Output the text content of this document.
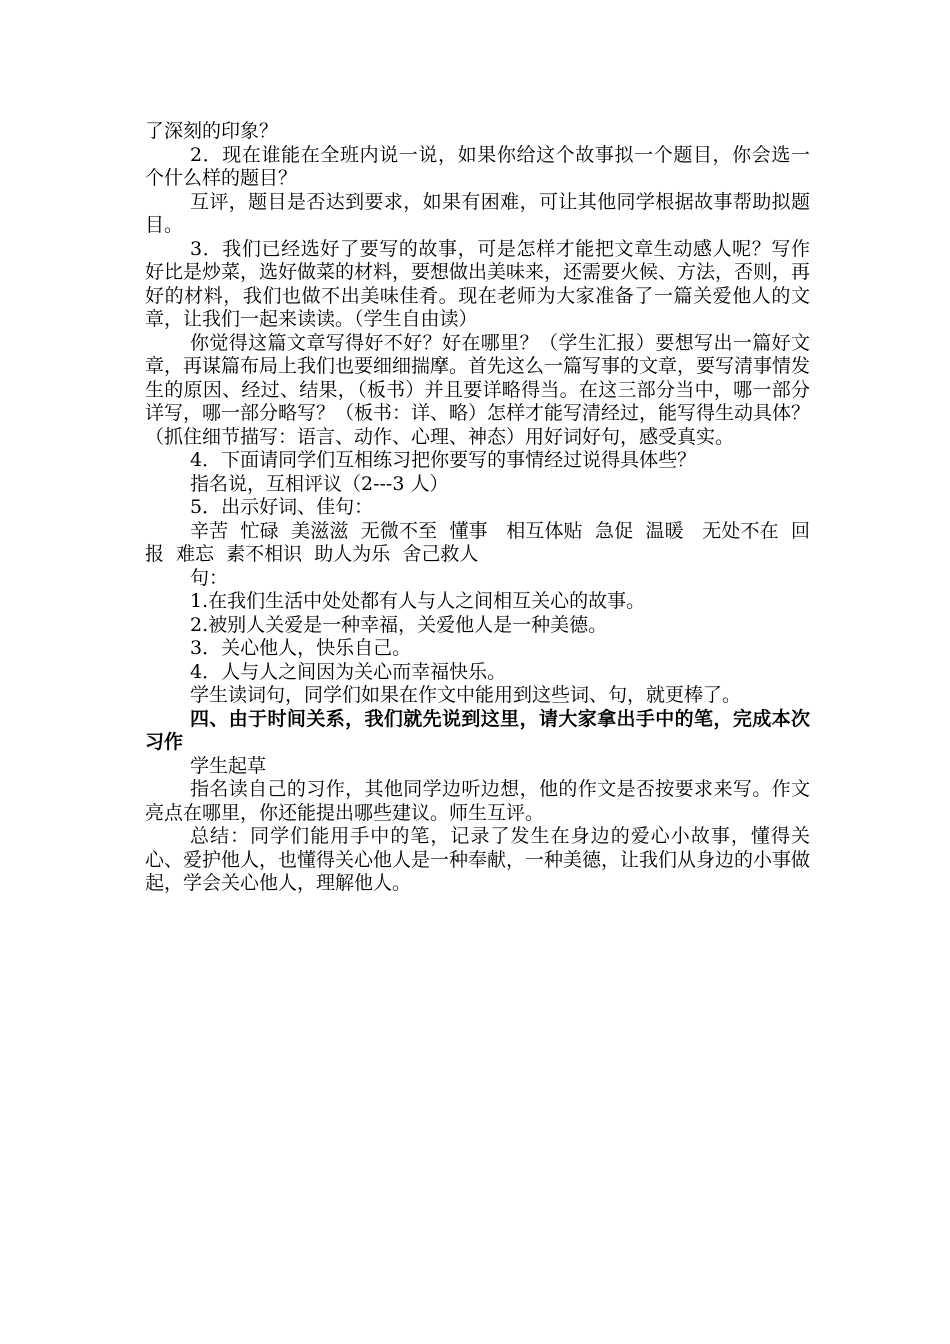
了深刻的印象？

2．现在谁能在全班内说一说，如果你给这个故事拟一个题目，你会选一个什么样的题目？

互评，题目是否达到要求，如果有困难，可让其他同学根据故事帮助拟题目。

3．我们已经选好了要写的故事，可是怎样才能把文章生动感人呢？写作好比是炒菜，选好做菜的材料，要想做出美味来，还需要火候、方法，否则，再好的材料，我们也做不出美味佳肴。现在老师为大家准备了一篇关爱他人的文章，让我们一起来读读。（学生自由读）

你觉得这篇文章写得好不好？好在哪里？（学生汇报）要想写出一篇好文章，再谋篇布局上我们也要细细揣摩。首先这么一篇写事的文章，要写清事情发生的原因、经过、结果，（板书）并且要详略得当。在这三部分当中，哪一部分详写，哪一部分略写？（板书：详、略）怎样才能写清经过，能写得生动具体？（抓住细节描写：语言、动作、心理、神态）用好词好句，感受真实。

4．下面请同学们互相练习把你要写的事情经过说得具体些？

指名说，互相评议（2---3 人）

5．出示好词、佳句：

辛苦  忙碌  美滋滋  无微不至  懂事   相互体贴  急促  温暖   无处不在  回报  难忘  素不相识  助人为乐  舍己救人

句：

1.在我们生活中处处都有人与人之间相互关心的故事。

2.被别人关爱是一种幸福，关爱他人是一种美德。

3．关心他人，快乐自己。

4．人与人之间因为关心而幸福快乐。

学生读词句，同学们如果在作文中能用到这些词、句，就更棒了。

四、由于时间关系，我们就先说到这里，请大家拿出手中的笔，完成本次习作

学生起草

指名读自己的习作，其他同学边听边想，他的作文是否按要求来写。作文亮点在哪里，你还能提出哪些建议。师生互评。

总结：同学们能用手中的笔，记录了发生在身边的爱心小故事，懂得关心、爱护他人，也懂得关心他人是一种奉献，一种美德，让我们从身边的小事做起，学会关心他人，理解他人。
